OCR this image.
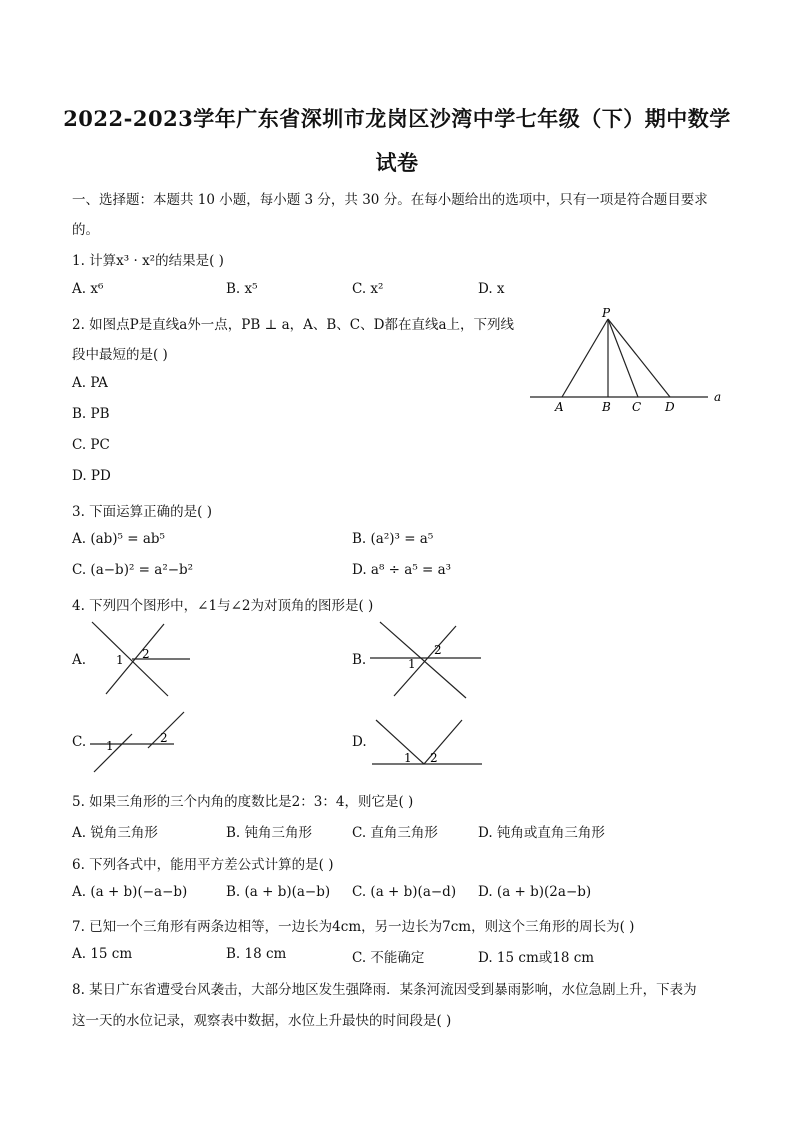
2022-2023学年广东省深圳市龙岗区沙湾中学七年级（下）期中数学
试卷
一、选择题：本题共 10 小题，每小题 3 分，共 30 分。在每小题给出的选项中，只有一项是符合题目要求
的。
1. 计算x³ · x²的结果是( )
A. x⁶	B. x⁵	C. x²	D. x
2. 如图点P是直线a外一点，PB ⊥ a，A、B、C、D都在直线a上，下列线
段中最短的是( )
A. PA
B. PB
C. PC
D. PD
P
A	B C D
a
3. 下面运算正确的是( )
A. (ab)⁵ = ab⁵	B. (a²)³ = a⁵
C. (a−b)² = a²−b²	D. a⁸ ÷ a⁵ = a³
4. 下列四个图形中，∠1与∠2为对顶角的图形是( )
A. 1 2	B.	1
2
C. 1
2	D.
1 2
5. 如果三角形的三个内角的度数比是2：3：4，则它是( )
A. 锐角三角形	B. 钝角三角形	C. 直角三角形	D. 钝角或直角三角形
6. 下列各式中，能用平方差公式计算的是( )
A. (a + b)(−a−b)	B. (a + b)(a−b) C. (a + b)(a−d) D. (a + b)(2a−b)
7. 已知一个三角形有两条边相等，一边长为4cm，另一边长为7cm，则这个三角形的周长为( )
A. 15 cm	B. 18 cm	C. 不能确定	D. 15 cm或18 cm
8. 某日广东省遭受台风袭击，大部分地区发生强降雨．某条河流因受到暴雨影响，水位急剧上升，下表为
这一天的水位记录，观察表中数据，水位上升最快的时间段是( )
